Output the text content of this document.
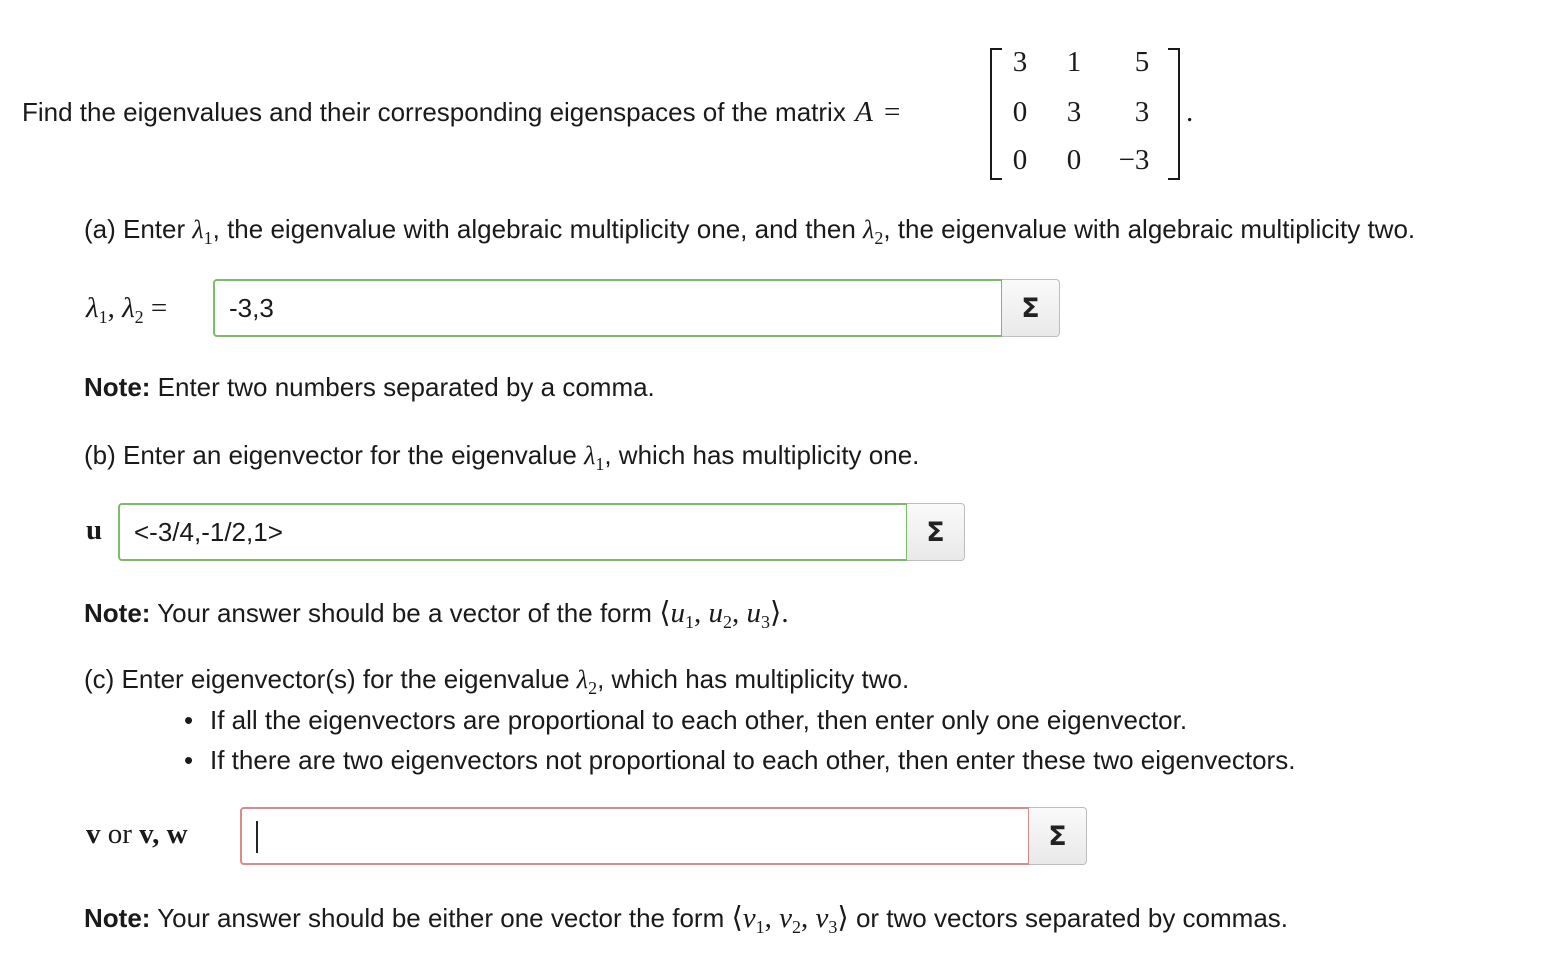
Find the eigenvalues and their corresponding eigenspaces of the matrix A =
3	1	5
0	3	3
0	0	−3
.
(a) Enter $\lambda_1$, the eigenvalue with algebraic multiplicity one, and then $\lambda_2$, the eigenvalue with algebraic multiplicity two.
$\lambda_1$, $\lambda_2$ =
-3,3	Σ
Note: Enter two numbers separated by a comma.
(b) Enter an eigenvector for the eigenvalue $\lambda_1$, which has multiplicity one.
u
<-3/4,-1/2,1>	Σ
Note: Your answer should be a vector of the form $⟨u_1$, $u_2$, $u_3⟩$.
(c) Enter eigenvector(s) for the eigenvalue $\lambda_2$, which has multiplicity two.
• If all the eigenvectors are proportional to each other, then enter only one eigenvector.
• If there are two eigenvectors not proportional to each other, then enter these two eigenvectors.
v or v, w	Σ
Note: Your answer should be either one vector the form $⟨v_1$, $v_2$, $v_3⟩$ or two vectors separated by commas.
